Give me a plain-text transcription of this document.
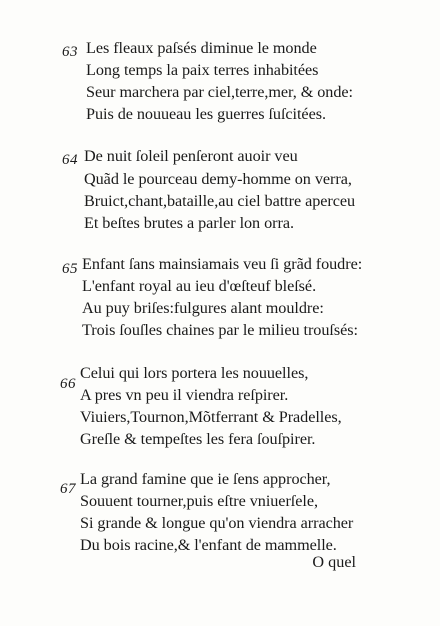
63 Les fleaux paſsés diminue le monde
Long temps la paix terres inhabitées
Seur marchera par ciel,terre,mer, & onde:
Puis de nouueau les guerres ſuſcitées.
64 De nuit ſoleil penſeront auoir veu
Quãd le pourceau demy-homme on verra,
Bruict,chant,bataille,au ciel battre aperceu
Et beſtes brutes a parler lon orra.
65 Enfant ſans mainsiamais veu ſi grãd foudre:
L'enfant royal au ieu d'œſteuf bleſsé.
Au puy briſes:fulgures alant mouldre:
Trois ſouſles chaines par le milieu trouſsés:
66
Celui qui lors portera les nouuelles,
A pres vn peu il viendra reſpirer.
Viuiers,Tournon,Mõtferrant & Pradelles,
Greſle & tempeſtes les fera ſouſpirer.
67
La grand famine que ie ſens approcher,
Souuent tourner,puis eſtre vniuerſele,
Si grande & longue qu'on viendra arracher
Du bois racine,& l'enfant de mammelle.
O quel
